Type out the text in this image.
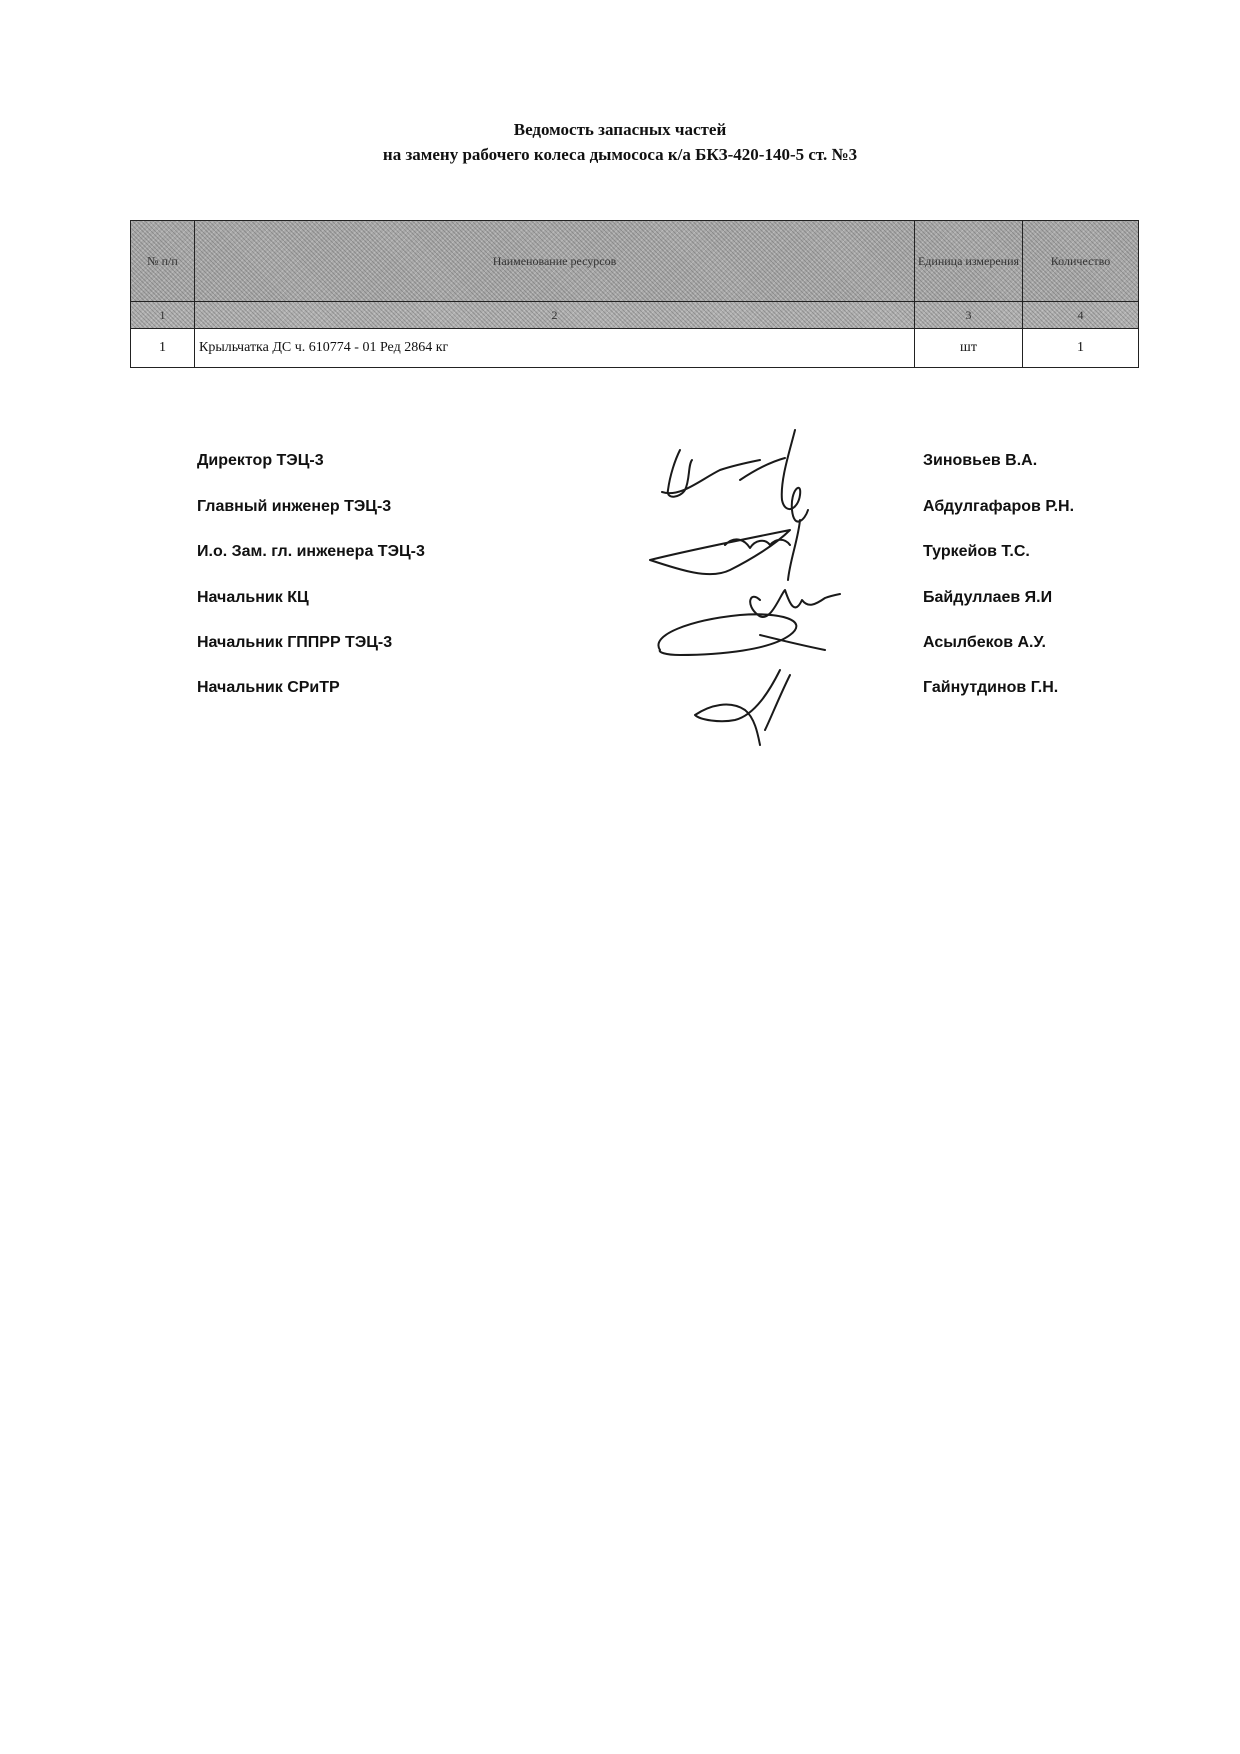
Ведомость запасных частей
на замену рабочего колеса дымососа к/а БКЗ-420-140-5 ст. №3
№ п/п	Наименование ресурсов	Единица измерения	Количество
1	2	3	4
1	Крыльчатка ДС ч. 610774 - 01 Ред 2864 кг	шт	1
Директор ТЭЦ-3	Зиновьев В.А.
Главный инженер ТЭЦ-3	Абдулгафаров Р.Н.
И.о. Зам. гл. инженера ТЭЦ-3	Туркейов Т.С.
Начальник КЦ	Байдуллаев Я.И
Начальник ГППРР ТЭЦ-3	Асылбеков А.У.
Начальник СРиТР	Гайнутдинов Г.Н.
